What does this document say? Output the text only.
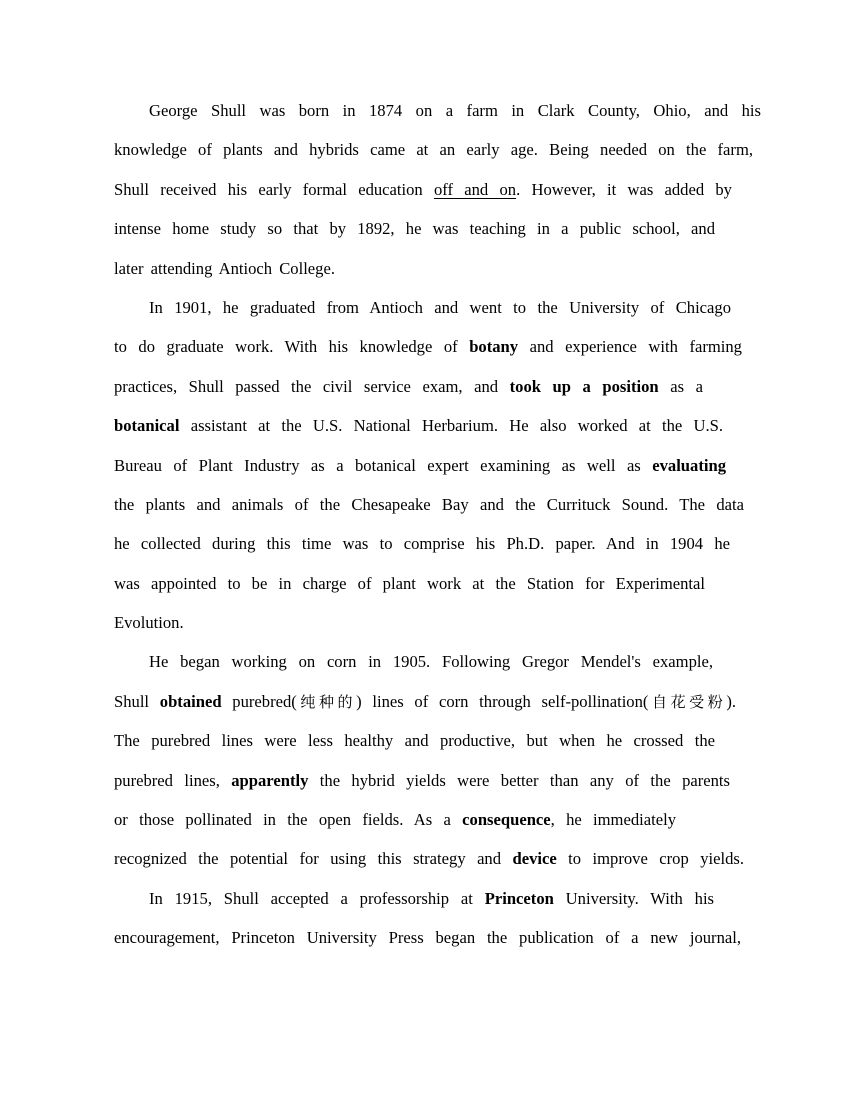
George Shull was born in 1874 on a farm in Clark County, Ohio, and his
knowledge of plants and hybrids came at an early age. Being needed on the farm,
Shull received his early formal education off and on. However, it was added by
intense home study so that by 1892, he was teaching in a public school, and
later attending Antioch College.
In 1901, he graduated from Antioch and went to the University of Chicago
to do graduate work. With his knowledge of botany and experience with farming
practices, Shull passed the civil service exam, and took up a position as a
botanical assistant at the U.S. National Herbarium. He also worked at the U.S.
Bureau of Plant Industry as a botanical expert examining as well as evaluating
the plants and animals of the Chesapeake Bay and the Currituck Sound. The data
he collected during this time was to comprise his Ph.D. paper. And in 1904 he
was appointed to be in charge of plant work at the Station for Experimental
Evolution.
He began working on corn in 1905. Following Gregor Mendel's example,
Shull obtained purebred(纯种的) lines of corn through self-pollination(自花受粉).
The purebred lines were less healthy and productive, but when he crossed the
purebred lines, apparently the hybrid yields were better than any of the parents
or those pollinated in the open fields. As a consequence, he immediately
recognized the potential for using this strategy and device to improve crop yields.
In 1915, Shull accepted a professorship at Princeton University. With his
encouragement, Princeton University Press began the publication of a new journal,
